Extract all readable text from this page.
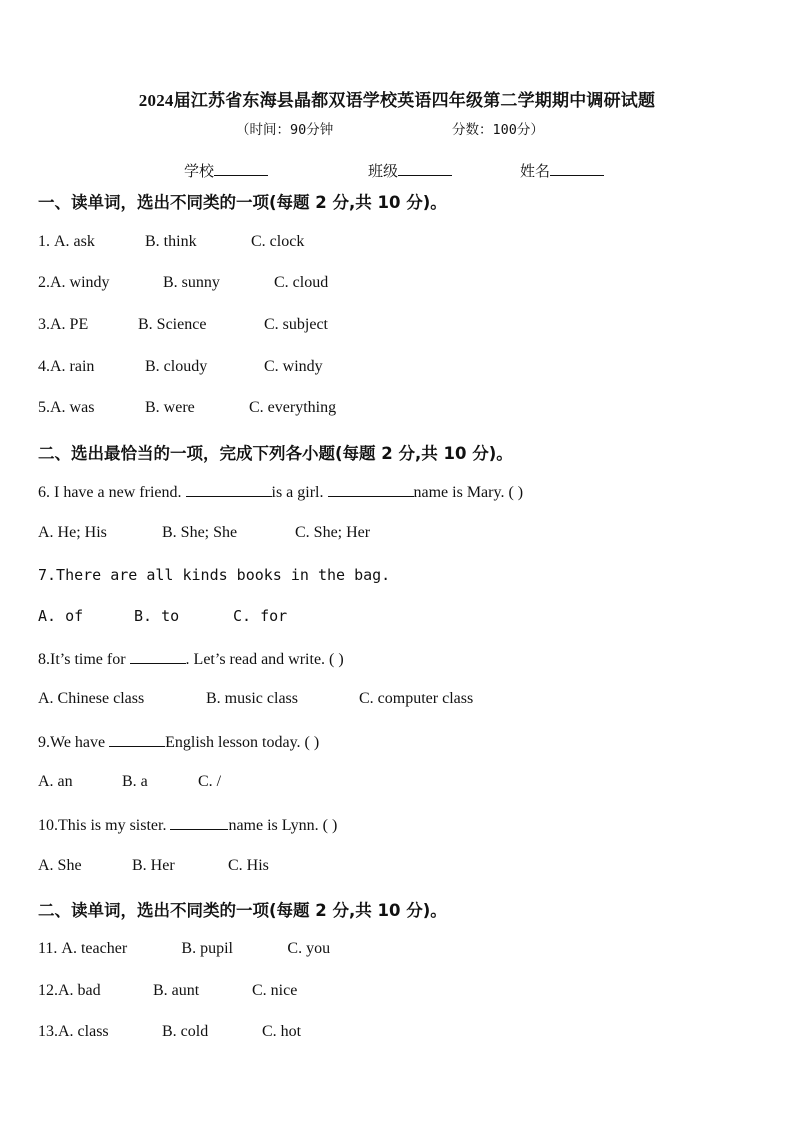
2024届江苏省东海县晶都双语学校英语四年级第二学期期中调研试题
（时间：90分钟	分数：100分）
学校	班级	姓名
一、读单词，选出不同类的一项(每题 2 分,共 10 分)。
1. A. ask	B. think	C. clock
2.A. windy	B. sunny	C. cloud
3.A. PE	B. Science	C. subject
4.A. rain	B. cloudy	C. windy
5.A. was	B. were	C. everything
二、选出最恰当的一项，完成下列各小题(每题 2 分,共 10 分)。
6. I have a new friend.	is a girl.	name is Mary. ( )
A. He; His	B. She; She	C. She; Her
7.There are all kinds books in the bag.
A. of	B. to	C. for
8.It’s time for	. Let’s read and write. ( )
A. Chinese class	B. music class	C. computer class
9.We have	English lesson today. ( )
A. an	B. a	C. /
10.This is my sister.	name is Lynn. ( )
A. She	B. Her	C. His
二、读单词，选出不同类的一项(每题 2 分,共 10 分)。
11. A. teacher	B. pupil	C. you
12.A. bad	B. aunt	C. nice
13.A. class	B. cold	C. hot
